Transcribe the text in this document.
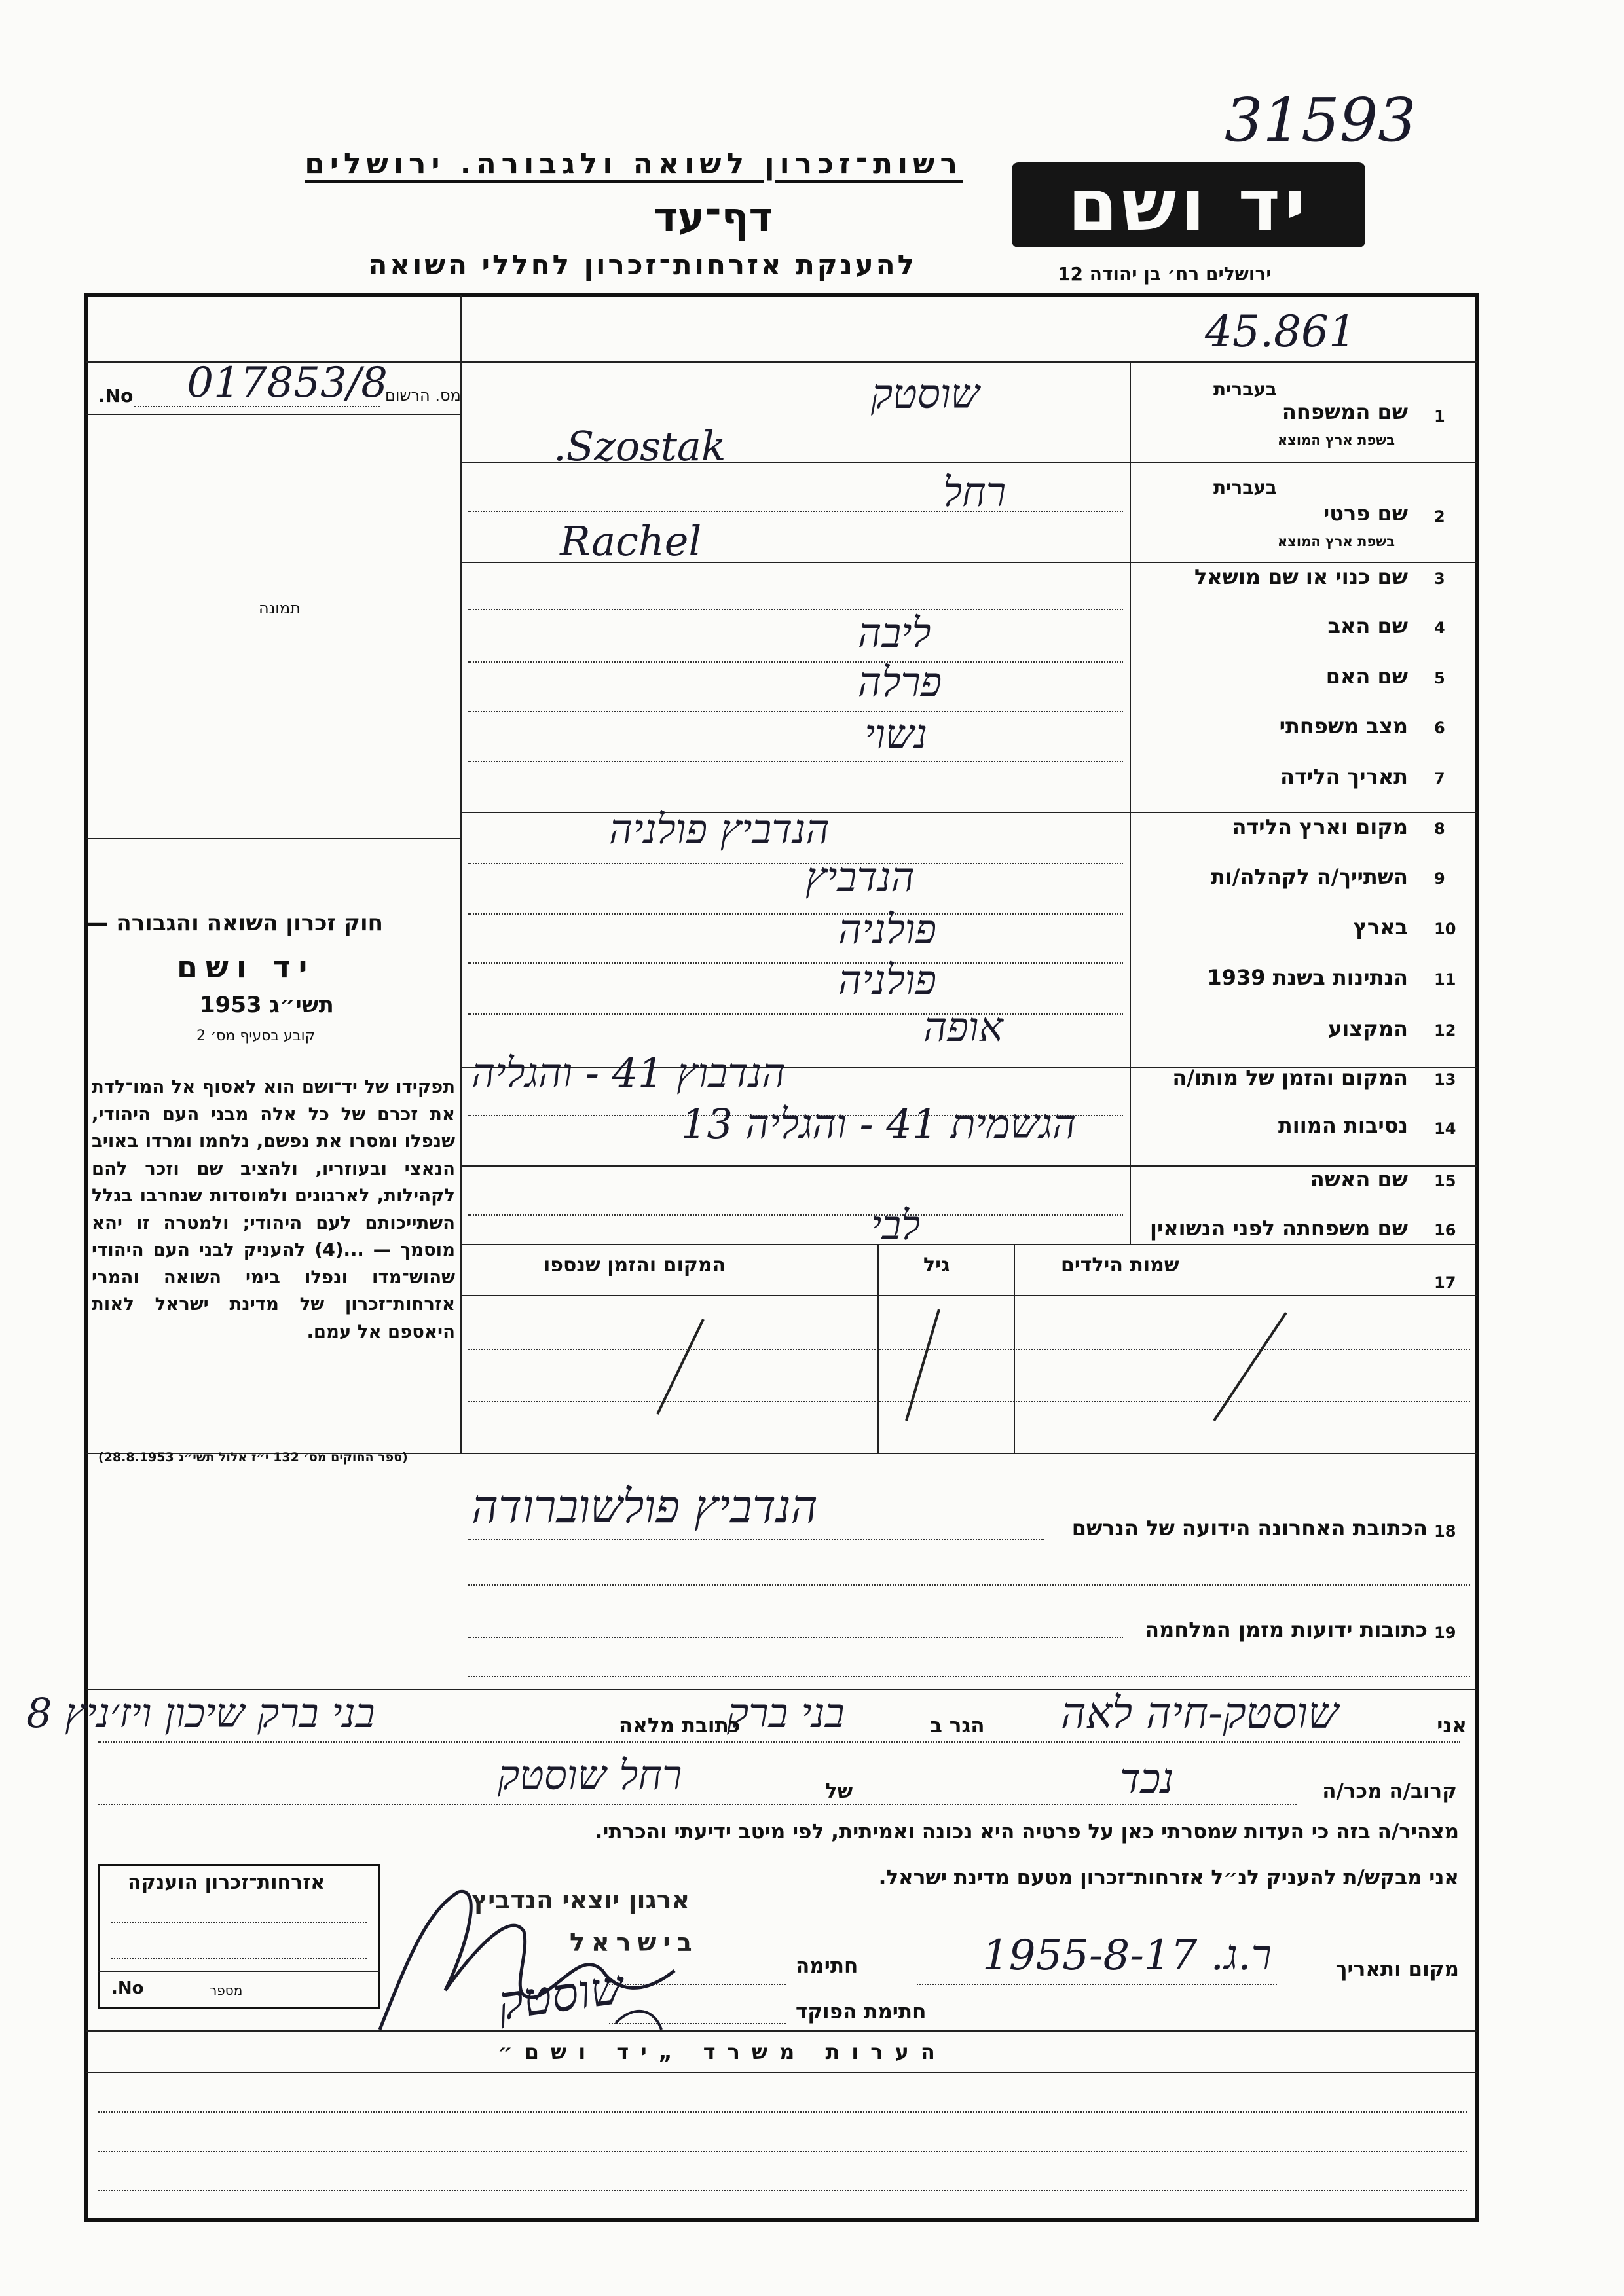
31593
רשות־זכרון לשואה ולגבורה. ירושלים
דף־עד
להענקת אזרחות־זכרון לחללי השואה
יד ושם
ירושלים רח׳ בן יהודה 12
45.861
מס. הרשום
No.	017853/8
תמונה
חוק זכרון השואה והגבורה —
יד ושם
תשי״ג 1953
קובע בסעיף מס׳ 2
תפקידו של יד־ושם הוא לאסוף אל המו־לדת את זכרם של כל אלה מבני העם היהודי, שנפלו ומסרו את נפשם, נלחמו ומרדו באויב הנאצי ובעוזריו, ולהציב שם וזכר להם לקהילות, לארגונים ולמוסדות שנחרבו בגלל השתייכותם לעם היהודי; ולמטרה זו יהא מוסמך — ...(4) להעניק לבני העם היהודי שהוש־מדו ונפלו בימי השואה והמרי אזרחות־זכרון של מדינת ישראל לאות היאספם אל עמם.
(ספר החוקים מס׳ 132 י״ז אלול תשי״ג 28.8.1953)
1
שם המשפחה
בעברית
בשפת ארץ המוצא
שוסטק
Szostak.
2
שם פרטי
בעברית
בשפת ארץ המוצא
רחל
Rachel
3
שם כנוי או שם מושאל
4
שם האב
ליבה
5
שם האם
פרלה
6
מצב משפחתי
נשוי
7
תאריך הלידה
8
מקום וארץ הלידה
הנדביץ פולניה
9
השתייך/ה לקהלה/ות
הנדביץ
10
בארץ
פולניה
11
הנתינות בשנת 1939
פולניה
12
המקצוע
אופה
13
המקום והזמן של מותו/ה
הנדבוץ 41 - והגליה
14
נסיבות המוות
הגשמית 41 - והגליה 13
15
שם האשה
16
שם משפחתה לפני הנשואין
לבי
17
שמות הילדים
גיל
המקום והזמן שנספו
18
הכתובת האחרונה הידועה של הנרשם
הנדביץ פולשוברודה
19
כתובות ידועות מזמן המלחמה
אני
שוסטק-חיה לאה
הגר ב
בני ברק
כתובת מלאה
בני ברק שיכון ויז׳ניץ 8
קרוב/ה מכר/ה
נכד
של
רחל שוסטק
מצהיר/ה בזה כי העדות שמסרתי כאן על פרטיה היא נכונה ואמיתית, לפי מיטב ידיעתי והכרתי.
אני מבקש/ת להעניק לנ״ל אזרחות־זכרון מטעם מדינת ישראל.
מקום ותאריך
ר.ג. 1955-8-17
חתימה
חתימת הפוקד
אזרחות־זכרון הוענקה
No.	מספר
ארגון יוצאי הנדביץ
בישראל
שוסטק
הערות משרד „יד ושם״
